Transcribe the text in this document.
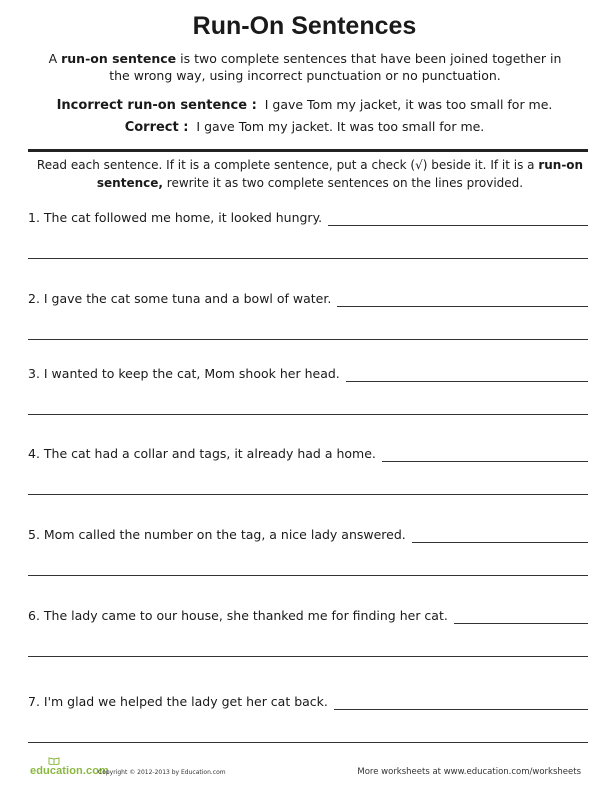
Run-On Sentences
A run-on sentence is two complete sentences that have been joined together in the wrong way, using incorrect punctuation or no punctuation.
Incorrect run-on sentence : I gave Tom my jacket, it was too small for me.
Correct : I gave Tom my jacket. It was too small for me.
Read each sentence. If it is a complete sentence, put a check (√) beside it. If it is a run-on sentence, rewrite it as two complete sentences on the lines provided.
1. The cat followed me home, it looked hungry.
2. I gave the cat some tuna and a bowl of water.
3. I wanted to keep the cat, Mom shook her head.
4. The cat had a collar and tags, it already had a home.
5. Mom called the number on the tag, a nice lady answered.
6. The lady came to our house, she thanked me for finding her cat.
7. I'm glad we helped the lady get her cat back.
education.com
Copyright © 2012-2013 by Education.com	More worksheets at www.education.com/worksheets
